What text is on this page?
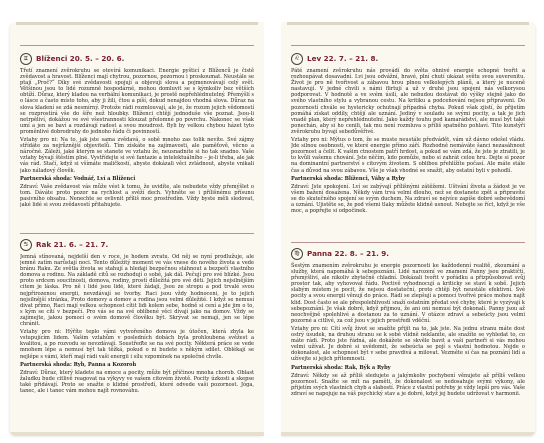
♊	Blíženci 20. 5. – 20. 6.

Třetí znamení zvěrokruhu se otevírá komunikaci. Energie pyšticí z Blíženců je čistě zvědavost a hravost. Blíženci mají chytrou, pozornou, pozornou i proskoumat. Neustále se ptají „Proč?“ Díky své zvědavosti spojují a objevují slova a pojmenovávají celý svět. Většinou jsou to lidé rozumně hospodárné, mohou domluvit se s kýmkoliv bez větších obtíží. Důraz, který kladou na verbální komunikaci, je prostě nepřehlédnutelný. Přemýšlí s o lásce a často místo toho, aby ji žili, čtou a píší, dokud nenajdou vhodná slova. Důraz na slova kladení se zdá nesmírný. Protože rádi rozmlouvají, ale je, že rozum jejich vědomostí se rozprostírá vše do šíře než hloubky. Blíženci chtějí jednoduše vše poznat. Jsou-li netrpěliví, dokážou ve své všestrannosti klouzat přelomné po povrchu. Nakonec se však umí a jen se baví a rozdávají radost a svou moudrost. Byli by velkou chybou házet tyto proměnlivé dobrodruhy do jednoho řádu či povinností.

Vztahy pro ni: Na to, jak jste sama zvědavá, o sobě mnoho zas tolik nevíte. Své zájmy střídáte za nejrůznější objevitelů. Tím získáte na zajímavosti, ale paměťově, věcno a náročné. Záleží, jaké kterým se stanete ve vztahu že, neusnadníte si ho tak snadno. Vaše vztahy bývají štěstím plné. Vystřídejte si své fantazie a intelektuálního – je-li třeba, ale jak vás rád. Stačí, když si všímáte maličkostí, abyste dokázali věci zvládnout, abyste vnikali jako náladový člověk.

Partnerská shoda: Vodnář, Lví a Blíženci

Zdraví: Vaše zvědavost vás může vést k tomu, že uvidíte, ale nebudete vždy přemýšlet o tom. Dáváte proto pozor na rychlost a svěží dech. Vyhněte se i přílišnému přísunu pasivního obsahu. Nenechte se ovlivnit příliš moc prostředím. Vždy byste měli sledovat, jaké lidé si svou zvědavostí přitahujete.

♋	Rak 21. 6. – 21. 7.

Jemná stínovaná, nejdelší den v roce, je hodem zvratu. Od něj se nyní prodlužuje, ale jemně zatím narůstají noci. Tento důležitý moment ve vás vnese do nového života a vede bránu Raku. Ze světla života se stahují a hledají bezpečnou stáhnout a bezpečí vlastního domova a rodinu. Na základě citů se rozhodují o sobě, jak dál. Pečují pro své blízké. Jsou proto srdcem soucitnosti, domova, rodiny, prostí důležitá pro své děti. Jejich nejsilnějším citem je láska. Pro ně i lidé jsou lidé, které žádají, Jsou ze stropu a pod trvalé svou nejpřirozenou energii, nevzdávají se tvorby. Raci jsou vždy hodnoceni, je to jejich nejsilnější stránka, Proto domovy a domov a rodina jsou velmi důležité. I když se nemusí dívat přímo, Raci mají velkou schopnost cítit lidi kolem sebe, hodně si cení a jde jim o to, s kým se cítí v bezpečí. Pro vás se na své oblíbené věci dívají jako na domov. Vždy se zajímejte, jakou pomocí o svém domově člověku být. Skrývat se nemají, jen se lépe chránit.

Vztahy pro ni: Hýříte teplo vámi vytvořeného domova je útočen, která zbyla ke vstupujícím lidem. Vašim vztahům v posledních dobách byla prohloubena svěžest a kvalitou, a po rozvodu se nevzdávají. Soustřeďte se na své pocity. Některá práce se vede mnohem lépe a nemusí být tak těžká, pokud o ni budete s někým sdílet. Oblékají se nejlépe s vámi, kteří mají rádi vaši energii i sílu vzpomínek na společné chvíle.

Partnerská shoda: Ryb, Panna a Kozoroh

Zdraví: Důraz, který kladete na emoce a pocity, může být příčinou mnoha chorob. Oblast žaludku bude citlivě reagovat na výkyvy ve vašem citovém životě. Pocity úzkosti a skepse také přidávají. Proto se snažte o klidné prostředí, které odvede vaši pozornost. Jóga, tanec, ale i tanec vám mohou najít rovnováhu.

♌	Lev 22. 7. – 21. 8.

Páté znamení zvěrokruhu nás provádí do světa ohnivé energie schopné tvořit a rozhoupávat dosavadní. Lvi jsou odvážní, hravé, plní chutí ukázat světu svou suverenitu. Život je pro ně tvořivost a zábavou hrou plnou velkolepých plánů, a který je nuceně nastavují. V jedné chvíli s námi flirtují a už v druhé jsou spojeni nás velkorysou podporovat. V hodnotě a ve svém úsilí, ale nebudou dostávat do výšky stejně jako do svého vlastního stylu a vybranou cestu. Na kritiku a podceňování nejsou připraveni. Do pozorností chvále se hystericky ochutnají případná chyba. Pokud však zjistí, že přijetím pomáhá získat oddíly, chtějí ale uznání. Jediný v souladu se svými pocity, a tak je jich vnadě plan, který nepřehlédnutelní. Jako každý touhu pod kamarádství, ale musí být také ponechán, aby si ho cenili, tak mu není rozmluva s příliš spatněho pohlaví. Tito kunstýři zvěrokruhu bývají sebedůvěřivé.

Vztahy pro ni: Mýtus o tom, že se muste neustále předvádět, vám už dávno odešel vládu. Jde silnou osobností, ve které energie přímo září. Rozhodně nemáváte šanci nezasáhnout pozornost a čelit. K vašim ctnostem patří hrdost, a pokud se vám zdá, že jste je ztratili, je to kvůli vašemu chování. Jste něčím, kdo pomůže, nebo si zahrát celou hru. Dejte si pozor na dominantní partnerství s citovým životem. S oblibou přehlížíte počasí. Ale máte stále čas a důvod na svou zábavou. Vše je však vhodné se snažit, aby ostatní byli v pohodlí.

Partnerská shoda: Blíženci, Váhy a Ryby

Zdraví: Jste spokojení. Lví se zabývají přílišnými zátěžemi. Uštvání života a žádost je ve všem bažení dosažena. Někdy vám trvá velmi dlouho, než se dostanete zpět a připravíte se do skutečného spojení se svým duchem. Na zdraví se nejvíce zapíše dobré sebevědomí a uznání. Ujistěte se, že pod všemi tlaky můžete klidně usnout. Nebojte se říct, když je vše moc, a popřejte si odpočinek.

♍	Panna 22. 8. – 21. 9.

Šestým znamením zvěrokruhu je energie pozornosti ke každodenní realitě, zkoumání a služby, která napomáhá k sebepoznání. Lidé narození ve znamení Panny jsou praktičtí, přemýšliví, ale nikoliv zbytečně chladní. Dokázali tvořit v pořádku a přizpůsobovat svůj prostor tak, aby vyhovoval řádu. Poctivě vyhodnocují a kriticky se staví k sobě. Jejich slabým místem je pocit, že nejsou dostateční, proto chtějí být neustále efektivní. Své pocity a svou energii věnují do práce. Rádi se zlepšují a pomocí tvořivé práce mohou najít klid. Dost často se ale přespolehlivostí snaží ostatním předat své chyby, které je vyzývají k sebepoznání. Je však dobré, když přijmou, že ani oni nemusí být dokonalí. Panny jsou až neochvějně spolehlivé a dostanou za to uznání. V otázce zdraví a sebeúcty jsou velmi pozorné a citlivé, za což jsou v jejich prostředí vděční.

Vztahy pro ni: Cítí svůj život se snažíte přijít na to, jak jste. Na jednu stranu máte dost ostrý úsudek, na druhou stranu se k sobě vlídně neklaníte, ale snažíte se vyhledat to, co máte rádi. Proto jste řádná, ale dokážete se skvěle bavit a vaši partneři si vás mohou velmi užívat. Je dobré si uvědomit, že sebeúcta se pojí s vlastní hodnotou. Nejde o dokonalost, ale schopnost být v sebe pravdivá a milovat. Vezměte si čas na poznání lidí a užívejte si jejich přítomnosti.

Partnerská shoda: Rak, Býk a Ryby

Zdraví: Někdy se až příliš sledujete a jakýmkoliv pochybení věnujete až příliš velkou pozornost. Snažte se mít na paměti, že dokonalost se nedosahuje svými výkony, ale přijetím svých vlastních chyb a slabostí. Práce z vlastní potřeby je vždy lepší pro vás. Vaše zdraví se napojuje na váš psychický stav a je dobré, když jej budete udržovat v harmonii.
